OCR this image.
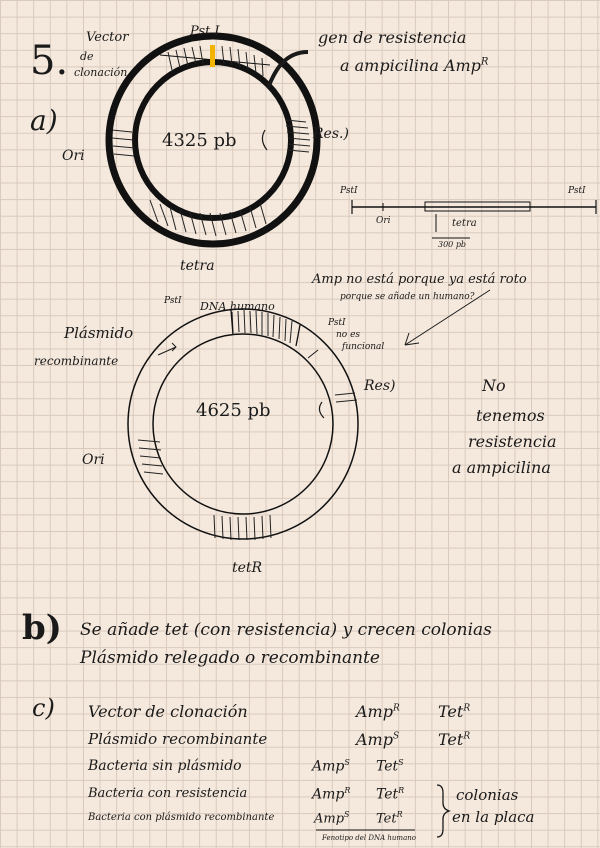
5.
a)
Vector
de
clonación
Pst I	gen de resistencia
a ampicilina Amp$^R$
4325 pb	Res.)
Ori
tetra
PstI	PstI
Ori	tetra
300 pb
Amp no está porque ya está roto
porque se añade un humano?
Plásmido
recombinante
PstI DNA humano
PstI
no es
funcional
4625 pb
Res)
Ori
tetR
No
tenemos
resistencia
a ampicilina
b) Se añade tet (con resistencia) y crecen colonias
Plásmido relegado o recombinante
c) Vector de clonación	Amp$^R$ Tet$^R$
Plásmido recombinante	Amp$^S$ Tet$^R$
Bacteria sin plásmido	Amp$^S$ Tet$^S$
Bacteria con resistencia	Amp$^R$ Tet$^R$
Bacteria con plásmido recombinante	Amp$^S$ Tet$^R$
colonias
en la placa
Fenotipo del DNA humano
